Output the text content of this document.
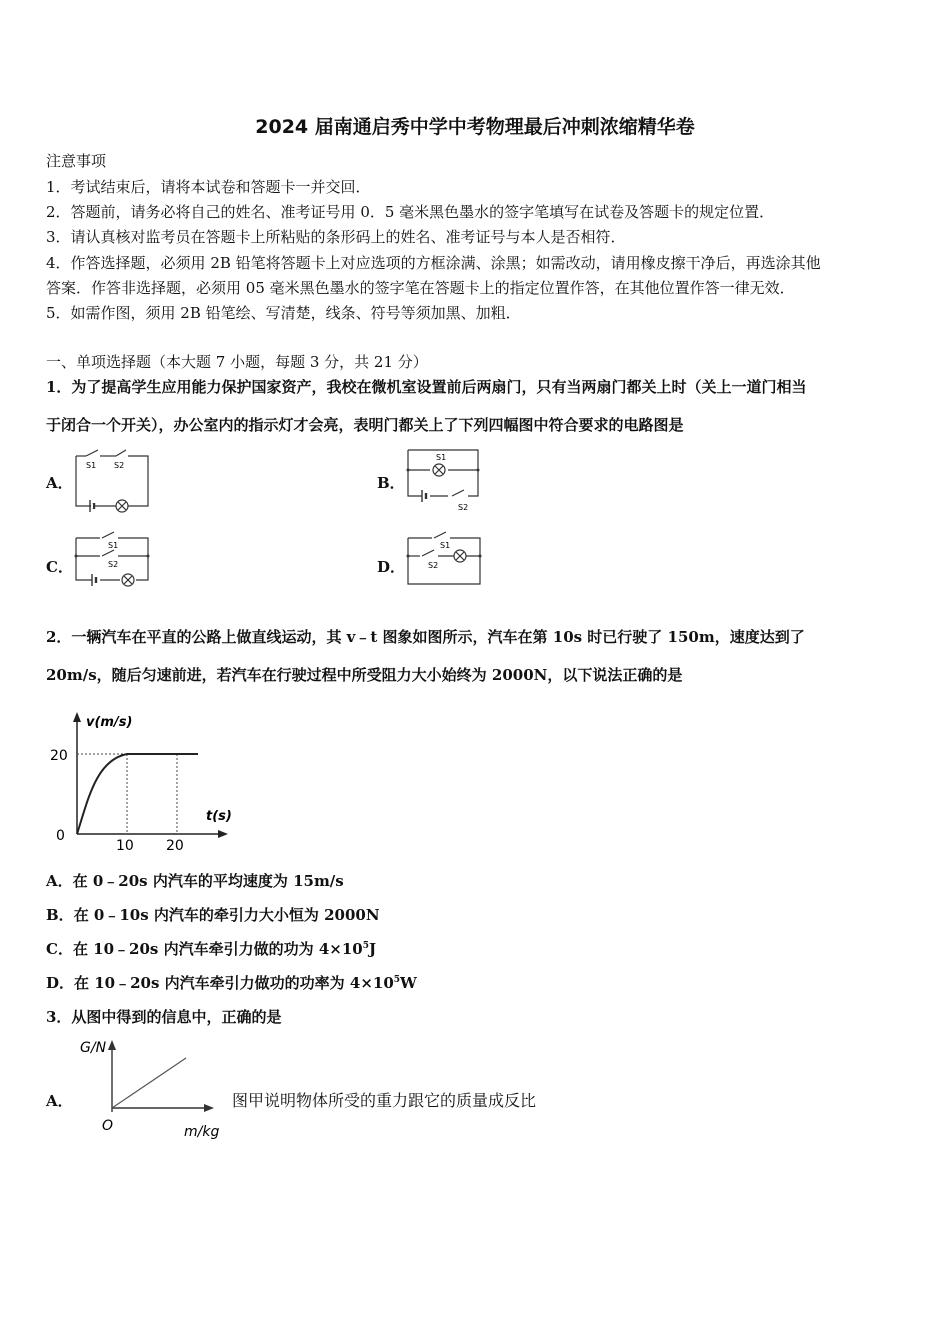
2024 届南通启秀中学中考物理最后冲刺浓缩精华卷
注意事项
1．考试结束后，请将本试卷和答题卡一并交回．
2．答题前，请务必将自己的姓名、准考证号用 0．5 毫米黑色墨水的签字笔填写在试卷及答题卡的规定位置．
3．请认真核对监考员在答题卡上所粘贴的条形码上的姓名、准考证号与本人是否相符．
4．作答选择题，必须用 2B 铅笔将答题卡上对应选项的方框涂满、涂黑；如需改动，请用橡皮擦干净后，再选涂其他
答案．作答非选择题，必须用 05 毫米黑色墨水的签字笔在答题卡上的指定位置作答，在其他位置作答一律无效．
5．如需作图，须用 2B 铅笔绘、写清楚，线条、符号等须加黑、加粗．
一、单项选择题（本大题 7 小题，每题 3 分，共 21 分）
1．为了提高学生应用能力保护国家资产，我校在微机室设置前后两扇门，只有当两扇门都关上时（关上一道门相当
于闭合一个开关），办公室内的指示灯才会亮，表明门都关上了下列四幅图中符合要求的电路图是
A．
S1 S2
B．
S1
S2
C．
S1
S2	D．
S1
S2
2．一辆汽车在平直的公路上做直线运动，其 v﹣t 图象如图所示，汽车在第 10s 时已行驶了 150m，速度达到了
20m/s，随后匀速前进，若汽车在行驶过程中所受阻力大小始终为 2000N，以下说法正确的是
v(m/s)
t(s)
20
0
10 20
A．在 0﹣20s 内汽车的平均速度为 15m/s
B．在 0﹣10s 内汽车的牵引力大小恒为 2000N
C．在 10﹣20s 内汽车牵引力做的功为 $4\times 10^5J$
D．在 10﹣20s 内汽车牵引力做功的功率为 $4\times 10^5W$
3．从图中得到的信息中，正确的是
A．
G/N
m/kg
O
图甲说明物体所受的重力跟它的质量成反比
